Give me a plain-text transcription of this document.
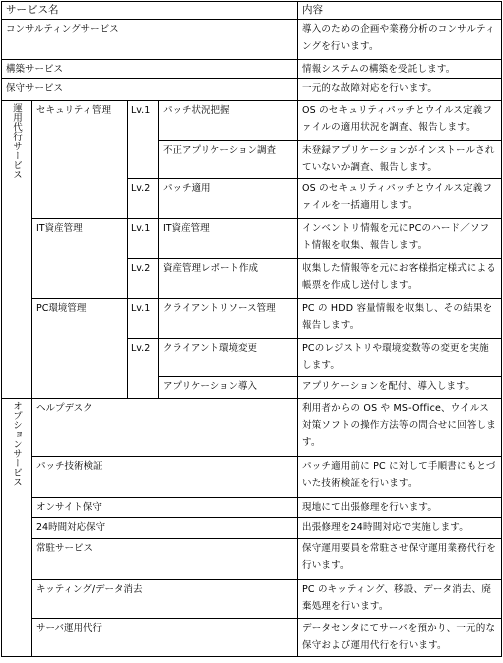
サービス名				内容
コンサルティングサービス				導入のための企画や業務分析のコンサルティングを行います。
構築サービス				情報システムの構築を受託します。
保守サービス				一元的な故障対応を行います。
運用代行サービス	セキュリティ管理	Lv.1	パッチ状況把握	OS のセキュリティパッチとウイルス定義ファイルの適用状況を調査、報告します。
			不正アプリケーション調査	未登録アプリケーションがインストールされていないか調査、報告します。
		Lv.2	パッチ適用	OS のセキュリティパッチとウイルス定義ファイルを一括適用します。
	IT資産管理	Lv.1	IT資産管理	インベントリ情報を元にPCのハード／ソフト情報を収集、報告します。
		Lv.2	資産管理レポート作成	収集した情報等を元にお客様指定様式による帳票を作成し送付します。
	PC環境管理	Lv.1	クライアントリソース管理	PC の HDD 容量情報を収集し、その結果を報告します。
		Lv.2	クライアント環境変更	PCのレジストリや環境変数等の変更を実施します。
			アプリケーション導入	アプリケーションを配付、導入します。
オプションサービス	ヘルプデスク			利用者からの OS や MS-Office、ウイルス対策ソフトの操作方法等の問合せに回答します。
	パッチ技術検証			パッチ適用前に PC に対して手順書にもとづいた技術検証を行います。
	オンサイト保守			現地にて出張修理を行います。
	24時間対応保守			出張修理を24時間対応で実施します。
	常駐サービス			保守運用要員を常駐させ保守運用業務代行を行います。
	キッティング/データ消去			PC のキッティング、移設、データ消去、廃棄処理を行います。
	サーバ運用代行			データセンタにてサーバを預かり、一元的な保守および運用代行を行います。
